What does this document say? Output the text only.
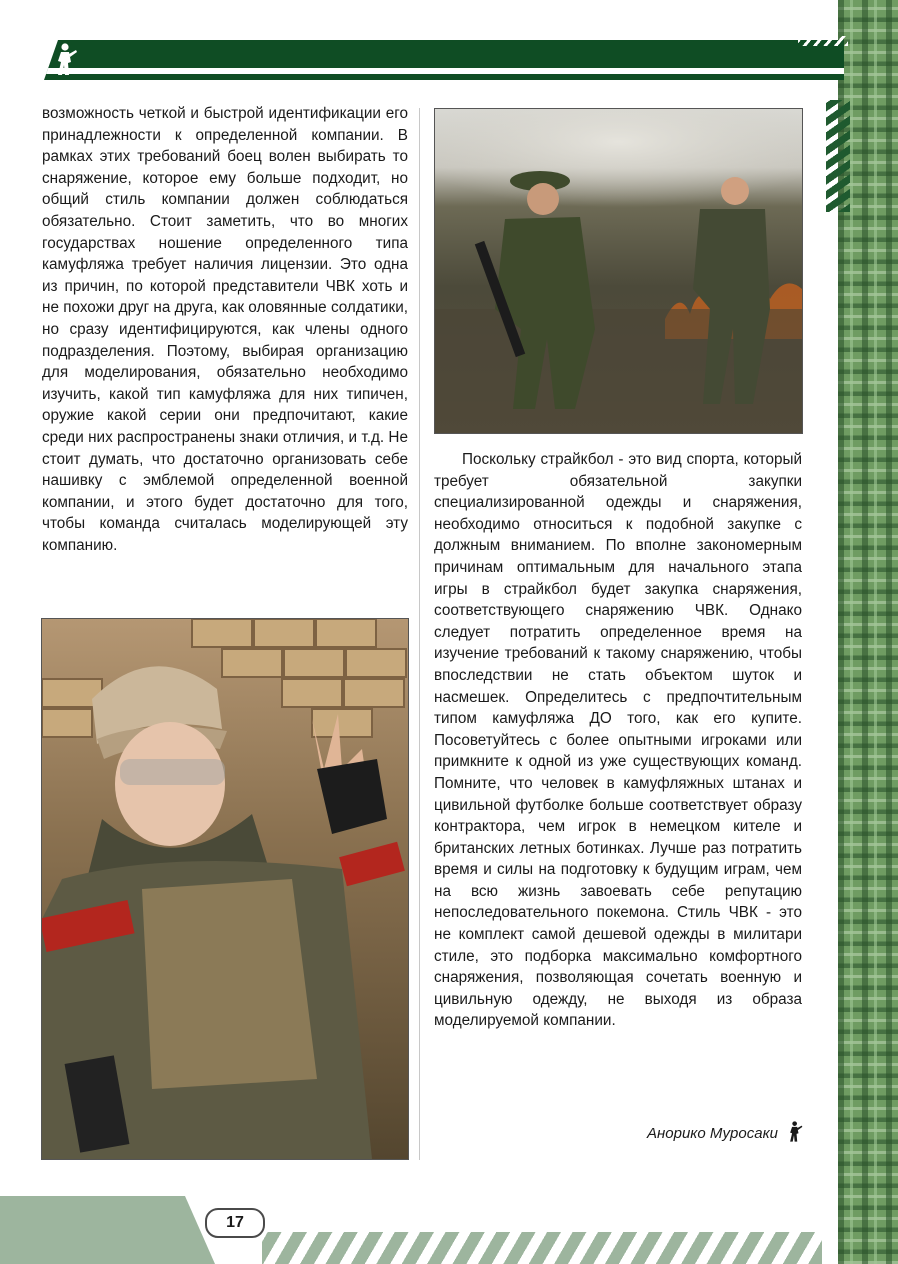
возможность четкой и быстрой идентификации его принадлежности к определенной компании. В рамках этих требований боец волен выбирать то снаряжение, которое ему больше подходит, но общий стиль компании должен соблюдаться обязательно. Стоит заметить, что во многих государствах ношение определенного типа камуфляжа требует наличия лицензии. Это одна из причин, по которой представители ЧВК хоть и не похожи друг на друга, как оловянные солдатики, но сразу идентифицируются, как члены одного подразделения. Поэтому, выбирая организацию для моделирования, обязательно необходимо изучить, какой тип камуфляжа для них типичен, оружие какой серии они предпочитают, какие среди них распространены знаки отличия, и т.д. Не стоит думать, что достаточно организовать себе нашивку с эмблемой определенной военной компании, и этого будет достаточно для того, чтобы команда считалась моделирующей эту компанию.

Поскольку страйкбол - это вид спорта, который требует обязательной закупки специализированной одежды и снаряжения, необходимо относиться к подобной закупке с должным вниманием. По вполне закономерным причинам оптимальным для начального этапа игры в страйкбол будет закупка снаряжения, соответствующего снаряжению ЧВК. Однако следует потратить определенное время на изучение требований к такому снаряжению, чтобы впоследствии не стать объектом шуток и насмешек. Определитесь с предпочтительным типом камуфляжа ДО того, как его купите. Посоветуйтесь с более опытными игроками или примкните к одной из уже существующих команд. Помните, что человек в камуфляжных штанах и цивильной футболке больше соответствует образу контрактора, чем игрок в немецком кителе и британских летных ботинках. Лучше раз потратить время и силы на подготовку к будущим играм, чем на всю жизнь завоевать себе репутацию непоследовательного покемона. Стиль ЧВК - это не комплект самой дешевой одежды в милитари стиле, это подборка максимально комфортного снаряжения, позволяющая сочетать военную и цивильную одежду, не выходя из образа моделируемой компании.

Анорико Муросаки
17
